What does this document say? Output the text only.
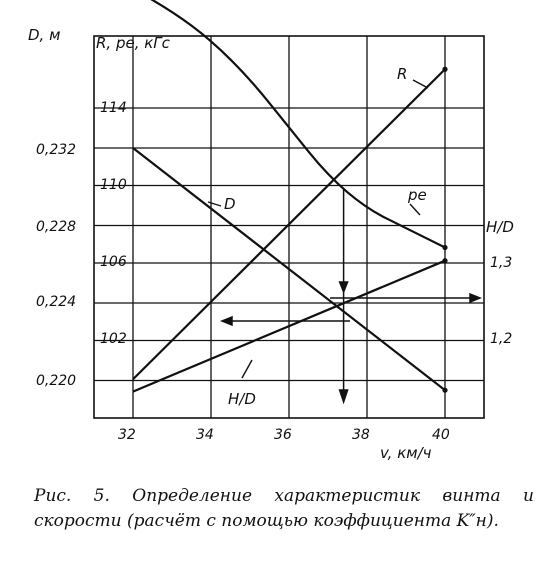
D, м R, pe, кГс
H/D
v, км/ч
0,232
0,228
0,224
0,220
114
110
106
102
1,3
1,2
32	34	36	38	40
R
pe
D
H/D
Рис. 5. Определение характеристик винта и скорости (расчёт с помощью коэффициента K″н).
